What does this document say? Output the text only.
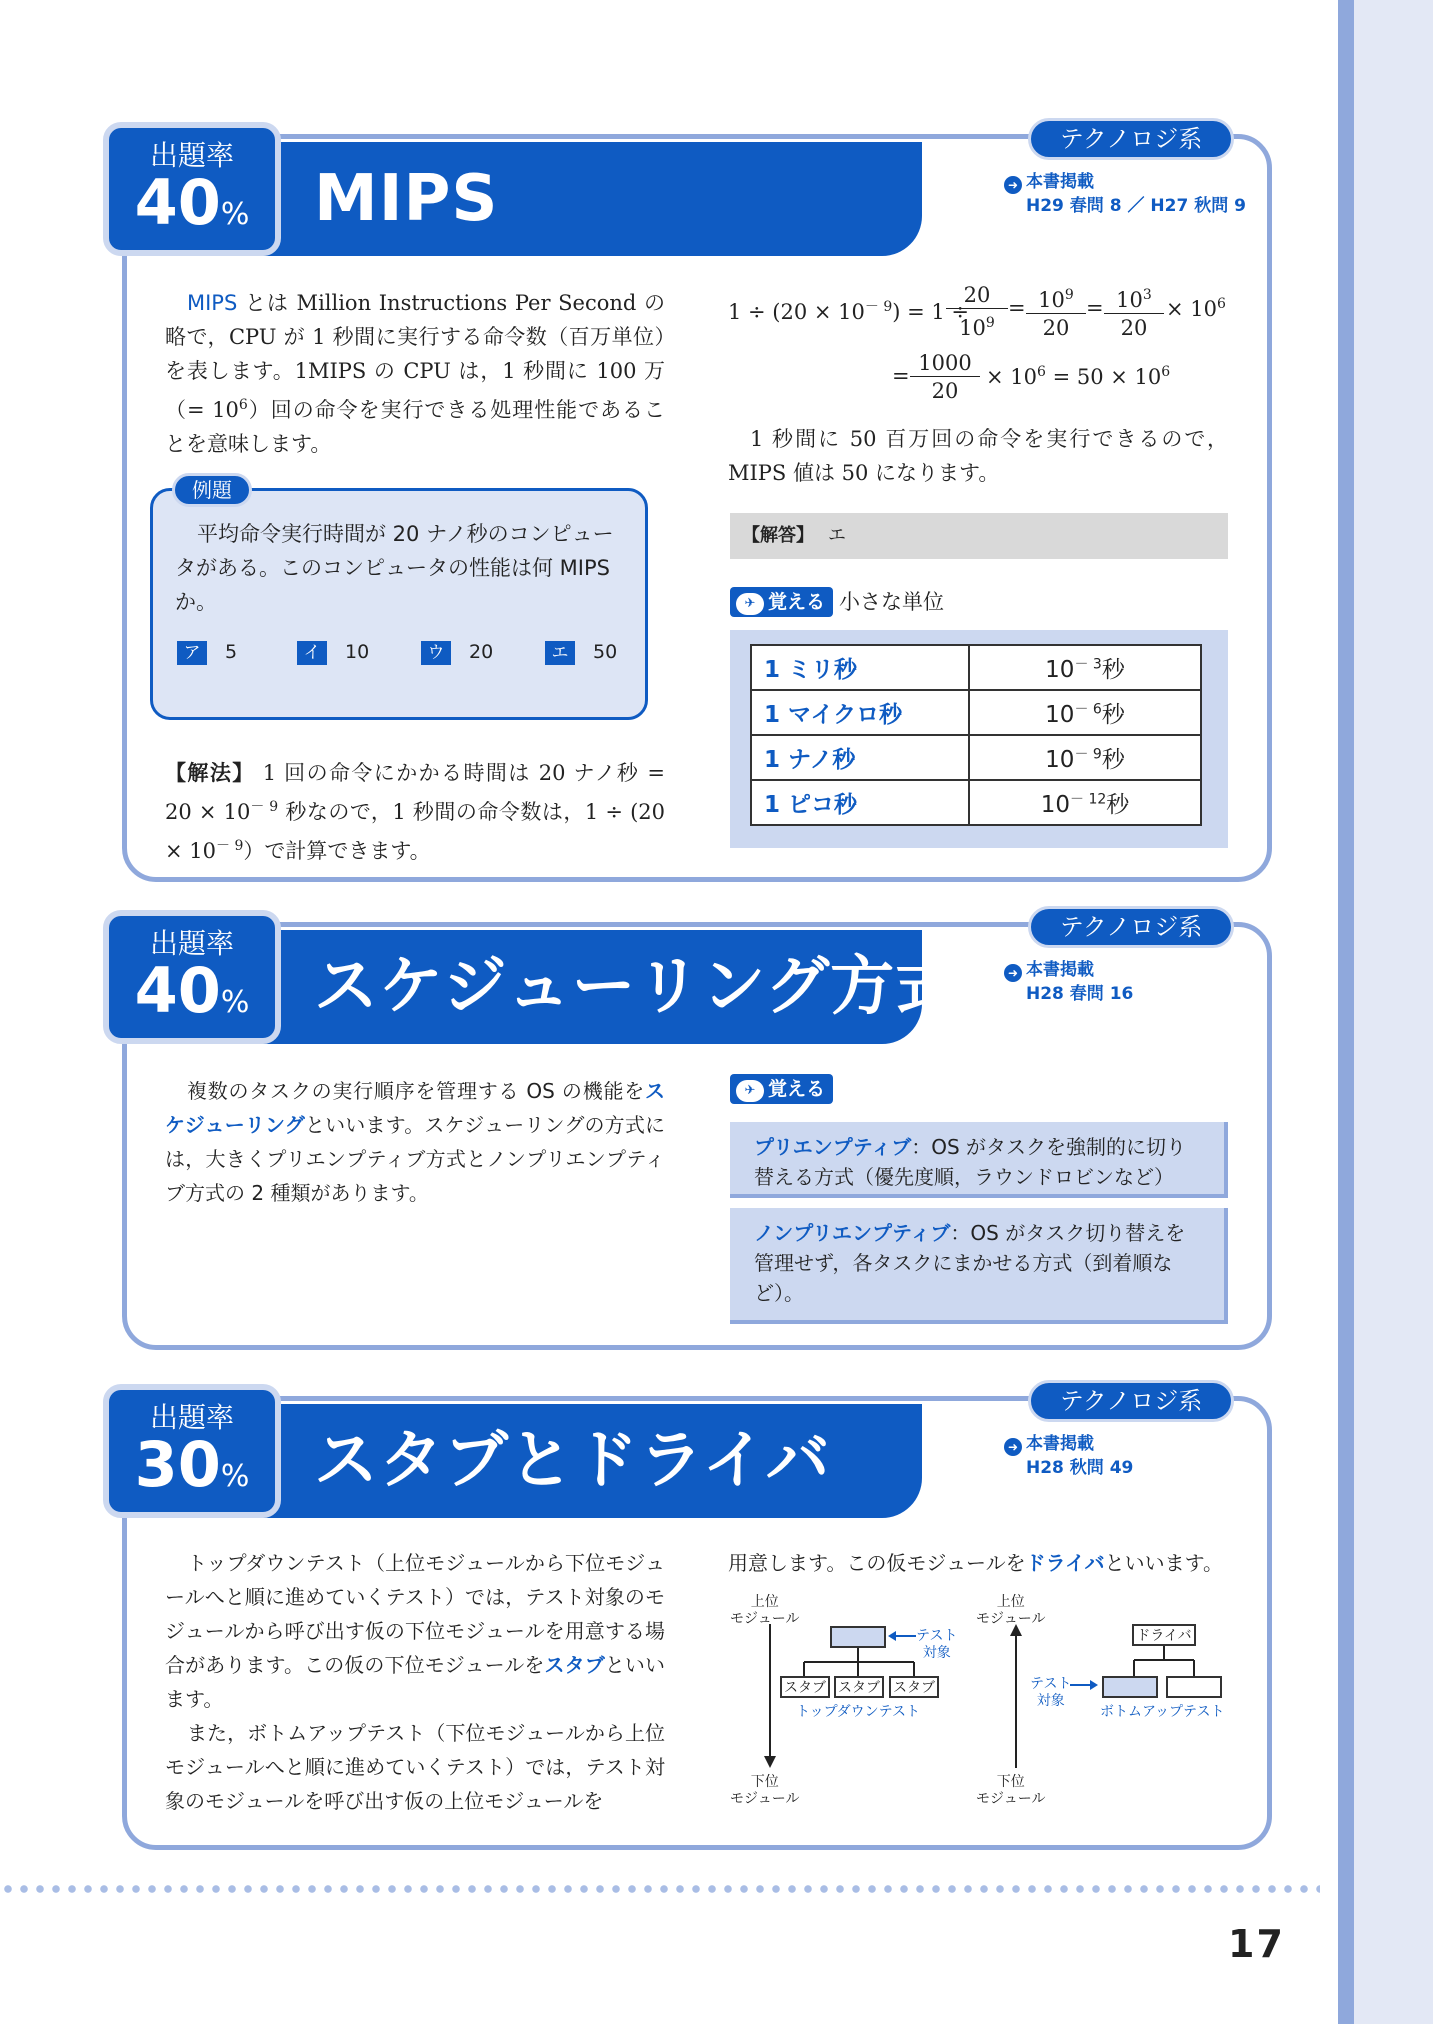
MIPS
出題率
40%
テクノロジ系
➜ 本書掲載
H29 春問 8 ／ H27 秋問 9
MIPS とは Million Instructions Per Second の略で，CPU が 1 秒間に実行する命令数（百万単位）を表します。1MIPS の CPU は，1 秒間に 100 万（= $10^6$）回の命令を実行できる処理性能であることを意味します。
平均命令実行時間が 20 ナノ秒のコンピュータがある。このコンピュータの性能は何 MIPS か。
ア 5	イ 10	ウ 20	エ 50
例題
【解法】 1 回の命令にかかる時間は 20 ナノ秒 = $20 \times 10^{- 9}$ 秒なので，1 秒間の命令数は，$1 \div (20 \times 10^{- 9})$で計算できます。
$1 \div (20 \times 10^{- 9}) = 1$ ÷
$\frac{20}{10^9} = \frac{10^9}{20} = \frac{10^3}{20} \times 10^6$
= $\frac{1000}{20} \times 10^6 = 50 \times 10^6$
1 秒間に 50 百万回の命令を実行できるので，MIPS 値は 50 になります。
【解答】 エ
✈ 覚える 小さな単位
1 ミリ秒	$10^{- 3}$秒
1 マイクロ秒	$10^{- 6}$秒
1 ナノ秒	$10^{- 9}$秒
1 ピコ秒	$10^{- 12}$秒
スケジューリング方式
出題率
40%
テクノロジ系
➜ 本書掲載
H28 春問 16
複数のタスクの実行順序を管理する OS の機能をスケジューリングといいます。スケジューリングの方式には，大きくプリエンプティブ方式とノンプリエンプティブ方式の 2 種類があります。
✈ 覚える
プリエンプティブ：OS がタスクを強制的に切り替える方式（優先度順，ラウンドロビンなど）
ノンプリエンプティブ：OS がタスク切り替えを管理せず，各タスクにまかせる方式（到着順など）。
スタブとドライバ
出題率
30%
テクノロジ系
➜ 本書掲載
H28 秋問 49
トップダウンテスト（上位モジュールから下位モジュールへと順に進めていくテスト）では，テスト対象のモジュールから呼び出す仮の下位モジュールを用意する場合があります。この仮の下位モジュールをスタブといいます。
また，ボトムアップテスト（下位モジュールから上位モジュールへと順に進めていくテスト）では，テスト対象のモジュールを呼び出す仮の上位モジュールを
用意します。この仮モジュールをドライバといいます。
上位
モジュール
下位
モジュール
テスト
対象
スタブ スタブ スタブ
トップダウンテスト
上位
モジュール
下位
モジュール
ドライバ
テスト
対象
ボトムアップテスト
17
